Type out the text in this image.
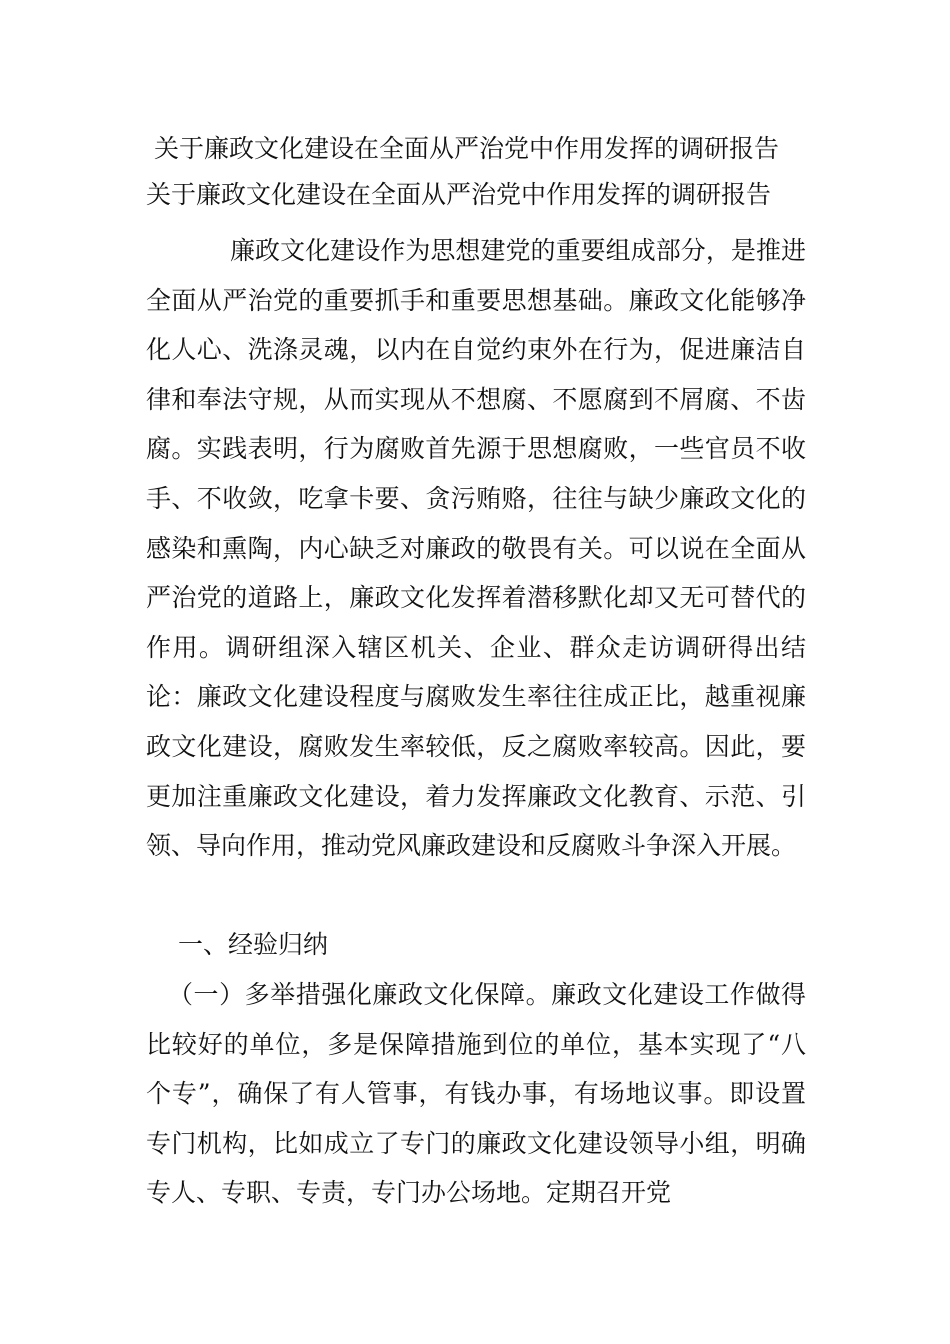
关于廉政文化建设在全面从严治党中作用发挥的调研报告
关于廉政文化建设在全面从严治党中作用发挥的调研报告

廉政文化建设作为思想建党的重要组成部分，是推进全面从严治党的重要抓手和重要思想基础。廉政文化能够净化人心、洗涤灵魂，以内在自觉约束外在行为，促进廉洁自律和奉法守规，从而实现从不想腐、不愿腐到不屑腐、不齿腐。实践表明，行为腐败首先源于思想腐败，一些官员不收手、不收敛，吃拿卡要、贪污贿赂，往往与缺少廉政文化的感染和熏陶，内心缺乏对廉政的敬畏有关。可以说在全面从严治党的道路上，廉政文化发挥着潜移默化却又无可替代的作用。调研组深入辖区机关、企业、群众走访调研得出结论：廉政文化建设程度与腐败发生率往往成正比，越重视廉政文化建设，腐败发生率较低，反之腐败率较高。因此，要更加注重廉政文化建设，着力发挥廉政文化教育、示范、引领、导向作用，推动党风廉政建设和反腐败斗争深入开展。

一、经验归纳

（一）多举措强化廉政文化保障。廉政文化建设工作做得比较好的单位，多是保障措施到位的单位，基本实现了“八个专”，确保了有人管事，有钱办事，有场地议事。即设置专门机构，比如成立了专门的廉政文化建设领导小组，明确专人、专职、专责，专门办公场地。定期召开党
